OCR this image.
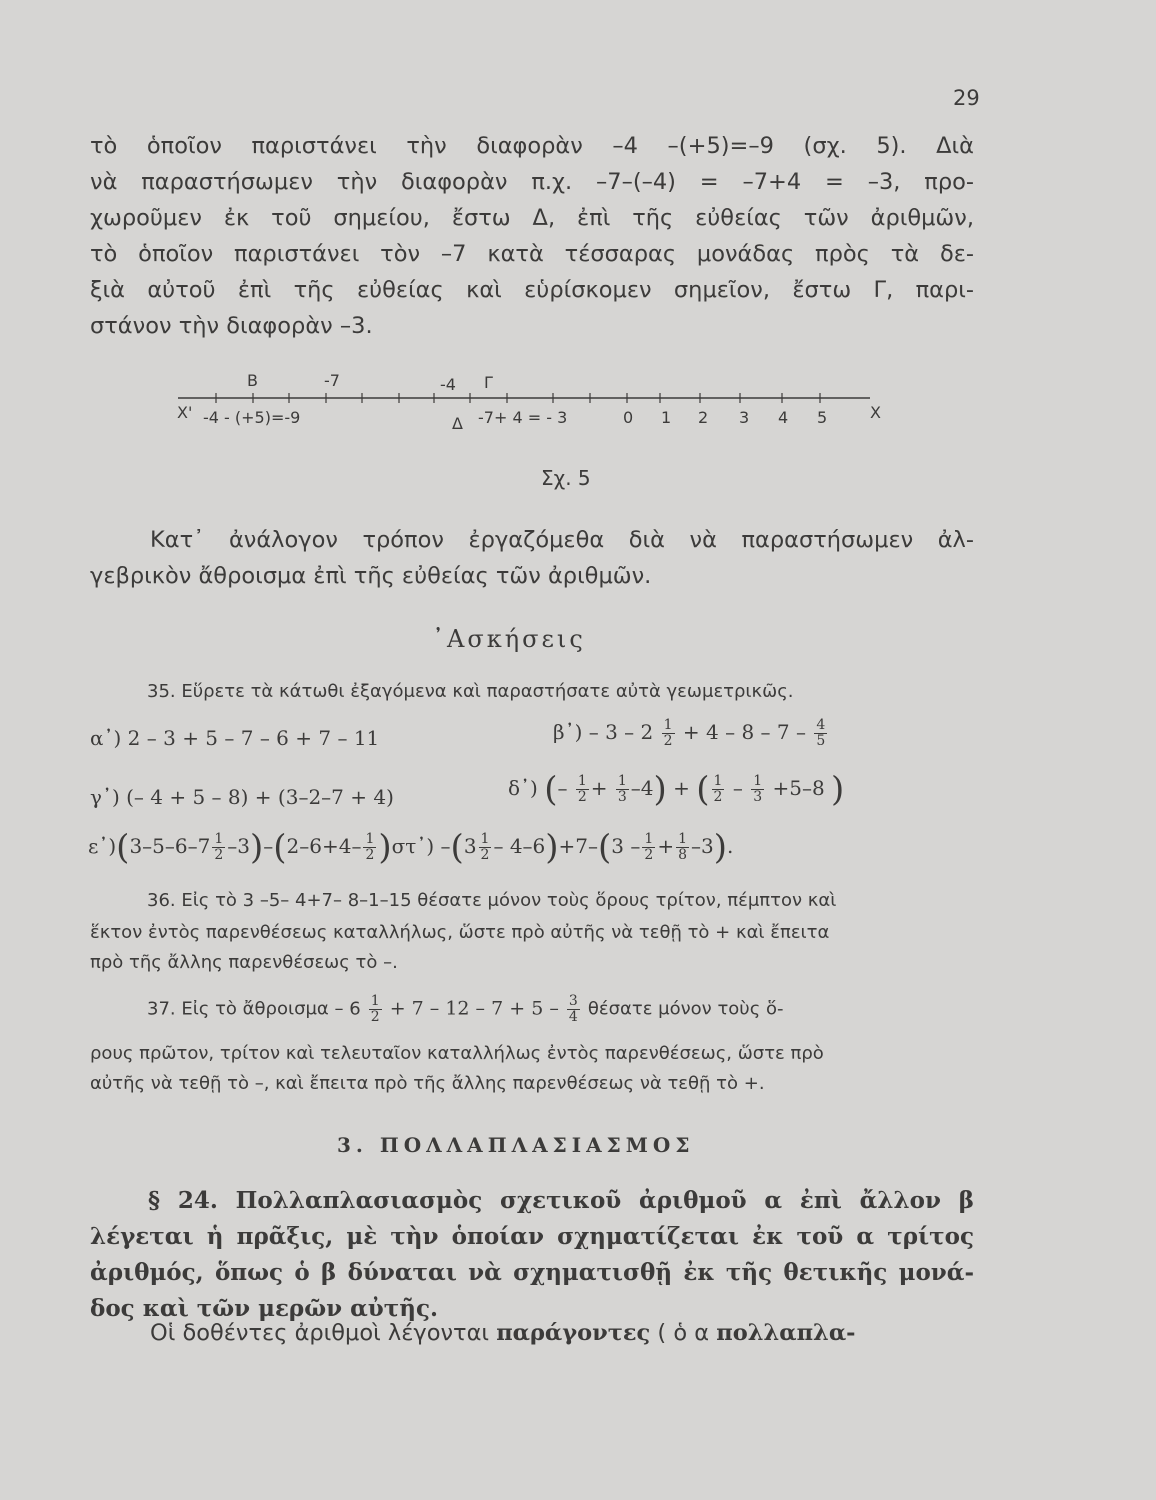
29
τὸ ὁποῖον παριστάνει τὴν διαφορὰν –4 –(+5)=–9 (σχ. 5). Διὰ
νὰ παραστήσωμεν τὴν διαφορὰν π.χ. –7–(–4) = –7+4 = –3, προ-
χωροῦμεν ἐκ τοῦ σημείου, ἔστω Δ, ἐπὶ τῆς εὐθείας τῶν ἀριθμῶν,
τὸ ὁποῖον παριστάνει τὸν –7 κατὰ τέσσαρας μονάδας πρὸς τὰ δε-
ξιὰ αὐτοῦ ἐπὶ τῆς εὐθείας καὶ εὑρίσκομεν σημεῖον, ἔστω Γ, παρι-
στάνον τὴν διαφορὰν –3.
B	-7	-4 Γ
X' -4 - (+5)=-9	Δ -7+ 4 = - 3	0 1 2 3 4 5	X
Σχ. 5
Κατ᾽ ἀνάλογον τρόπον ἐργαζόμεθα διὰ νὰ παραστήσωμεν ἀλ-
γεβρικὸν ἄθροισμα ἐπὶ τῆς εὐθείας τῶν ἀριθμῶν.
᾽Ασκήσεις
35. Εὕρετε τὰ κάτωθι ἐξαγόμενα καὶ παραστήσατε αὐτὰ γεωμετρικῶς.
α᾽) 2 – 3 + 5 – 7 – 6 + 7 – 11	β᾽) – $3 - 2 \frac{1}{2} + 4 - 8 - 7 - \frac{4}{5}$
γ᾽) (– 4 + 5 – 8) + (3–2–7 + 4)	δ᾽) (– $\frac{1}{2} + \frac{1}{3} -4$) + ( $\frac{1}{2} - \frac{1}{3} +5-8$ )
ε᾽)(3–5–6–7 $\frac{1}{2} -3)-(2-6+4- \frac{1}{2}$ )στ᾽) $-(3 \frac{1}{2} - 4-6)+7-(3 - \frac{1}{2} + \frac{1}{8} -3)$.
36. Εἰς τὸ 3 –5– 4+7– 8–1–15 θέσατε μόνον τοὺς ὅρους τρίτον, πέμπτον καὶ
ἕκτον ἐντὸς παρενθέσεως καταλλήλως, ὥστε πρὸ αὐτῆς νὰ τεθῇ τὸ + καὶ ἔπειτα
πρὸ τῆς ἄλλης παρενθέσεως τὸ –.
37. Εἰς τὸ ἄθροισμα – $6 \frac{1}{2} + 7 - 12 - 7 + 5 - \frac{3}{4}$ θέσατε μόνον τοὺς ὅ-
ρους πρῶτον, τρίτον καὶ τελευταῖον καταλλήλως ἐντὸς παρενθέσεως, ὥστε πρὸ
αὐτῆς νὰ τεθῇ τὸ –, καὶ ἔπειτα πρὸ τῆς ἄλλης παρενθέσεως νὰ τεθῇ τὸ +.
3. ΠΟΛΛΑΠΛΑΣΙΑΣΜΟΣ
§ 24. Πολλαπλασιασμὸς σχετικοῦ ἀριθμοῦ α ἐπὶ ἄλλον β
λέγεται ἡ πρᾶξις, μὲ τὴν ὁποίαν σχηματίζεται ἐκ τοῦ α τρίτος
ἀριθμός, ὅπως ὁ β δύναται νὰ σχηματισθῇ ἐκ τῆς θετικῆς μονά-
δος καὶ τῶν μερῶν αὐτῆς.
Οἱ δοθέντες ἀριθμοὶ λέγονται παράγοντες ( ὁ α πολλαπλα-
